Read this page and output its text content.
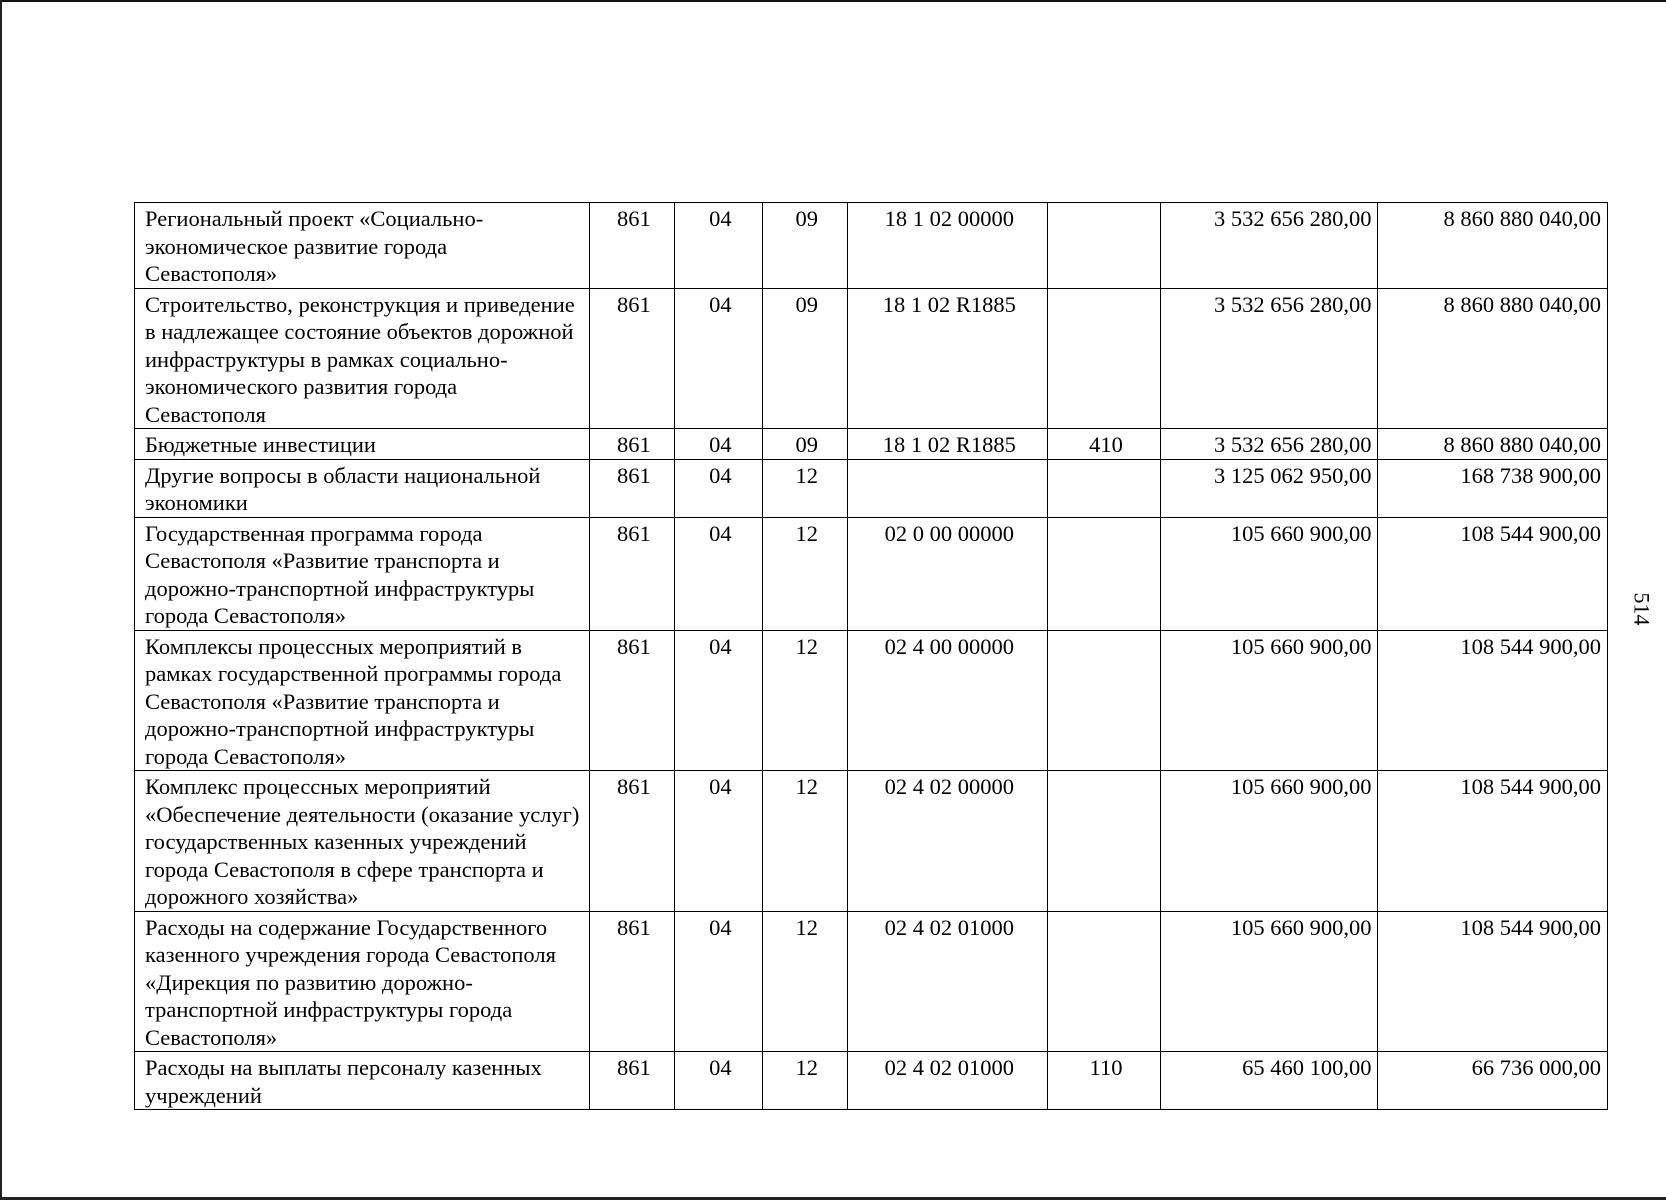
514
Региональный проект «Социально-экономическое развитие города Севастополя»	861	04	09	18 1 02 00000		3 532 656 280,00	8 860 880 040,00
Строительство, реконструкция и приведение в надлежащее состояние объектов дорожной инфраструктуры в рамках социально-экономического развития города Севастополя	861	04	09	18 1 02 R1885		3 532 656 280,00	8 860 880 040,00
Бюджетные инвестиции	861	04	09	18 1 02 R1885	410	3 532 656 280,00	8 860 880 040,00
Другие вопросы в области национальной экономики	861	04	12			3 125 062 950,00	168 738 900,00
Государственная программа города Севастополя «Развитие транспорта и дорожно-транспортной инфраструктуры города Севастополя»	861	04	12	02 0 00 00000		105 660 900,00	108 544 900,00
Комплексы процессных мероприятий в рамках государственной программы города Севастополя «Развитие транспорта и дорожно-транспортной инфраструктуры города Севастополя»	861	04	12	02 4 00 00000		105 660 900,00	108 544 900,00
Комплекс процессных мероприятий «Обеспечение деятельности (оказание услуг) государственных казенных учреждений города Севастополя в сфере транспорта и дорожного хозяйства»	861	04	12	02 4 02 00000		105 660 900,00	108 544 900,00
Расходы на содержание Государственного казенного учреждения города Севастополя «Дирекция по развитию дорожно-транспортной инфраструктуры города Севастополя»	861	04	12	02 4 02 01000		105 660 900,00	108 544 900,00
Расходы на выплаты персоналу казенных учреждений	861	04	12	02 4 02 01000	110	65 460 100,00	66 736 000,00
